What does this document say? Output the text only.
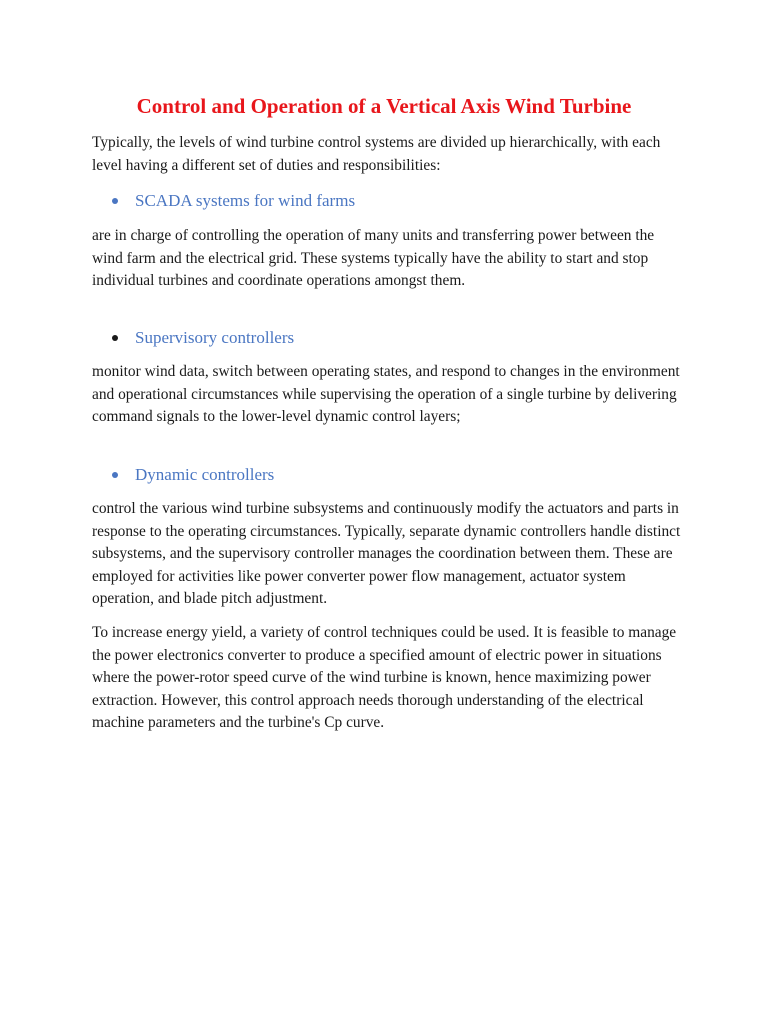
Control and Operation of a Vertical Axis Wind Turbine

Typically, the levels of wind turbine control systems are divided up hierarchically, with each level having a different set of duties and responsibilities:

SCADA systems for wind farms

are in charge of controlling the operation of many units and transferring power between the wind farm and the electrical grid. These systems typically have the ability to start and stop individual turbines and coordinate operations amongst them.

Supervisory controllers

monitor wind data, switch between operating states, and respond to changes in the environment and operational circumstances while supervising the operation of a single turbine by delivering command signals to the lower-level dynamic control layers;

Dynamic controllers

control the various wind turbine subsystems and continuously modify the actuators and parts in response to the operating circumstances. Typically, separate dynamic controllers handle distinct subsystems, and the supervisory controller manages the coordination between them. These are employed for activities like power converter power flow management, actuator system operation, and blade pitch adjustment.

To increase energy yield, a variety of control techniques could be used. It is feasible to manage the power electronics converter to produce a specified amount of electric power in situations where the power-rotor speed curve of the wind turbine is known, hence maximizing power extraction. However, this control approach needs thorough understanding of the electrical machine parameters and the turbine's Cp curve.
